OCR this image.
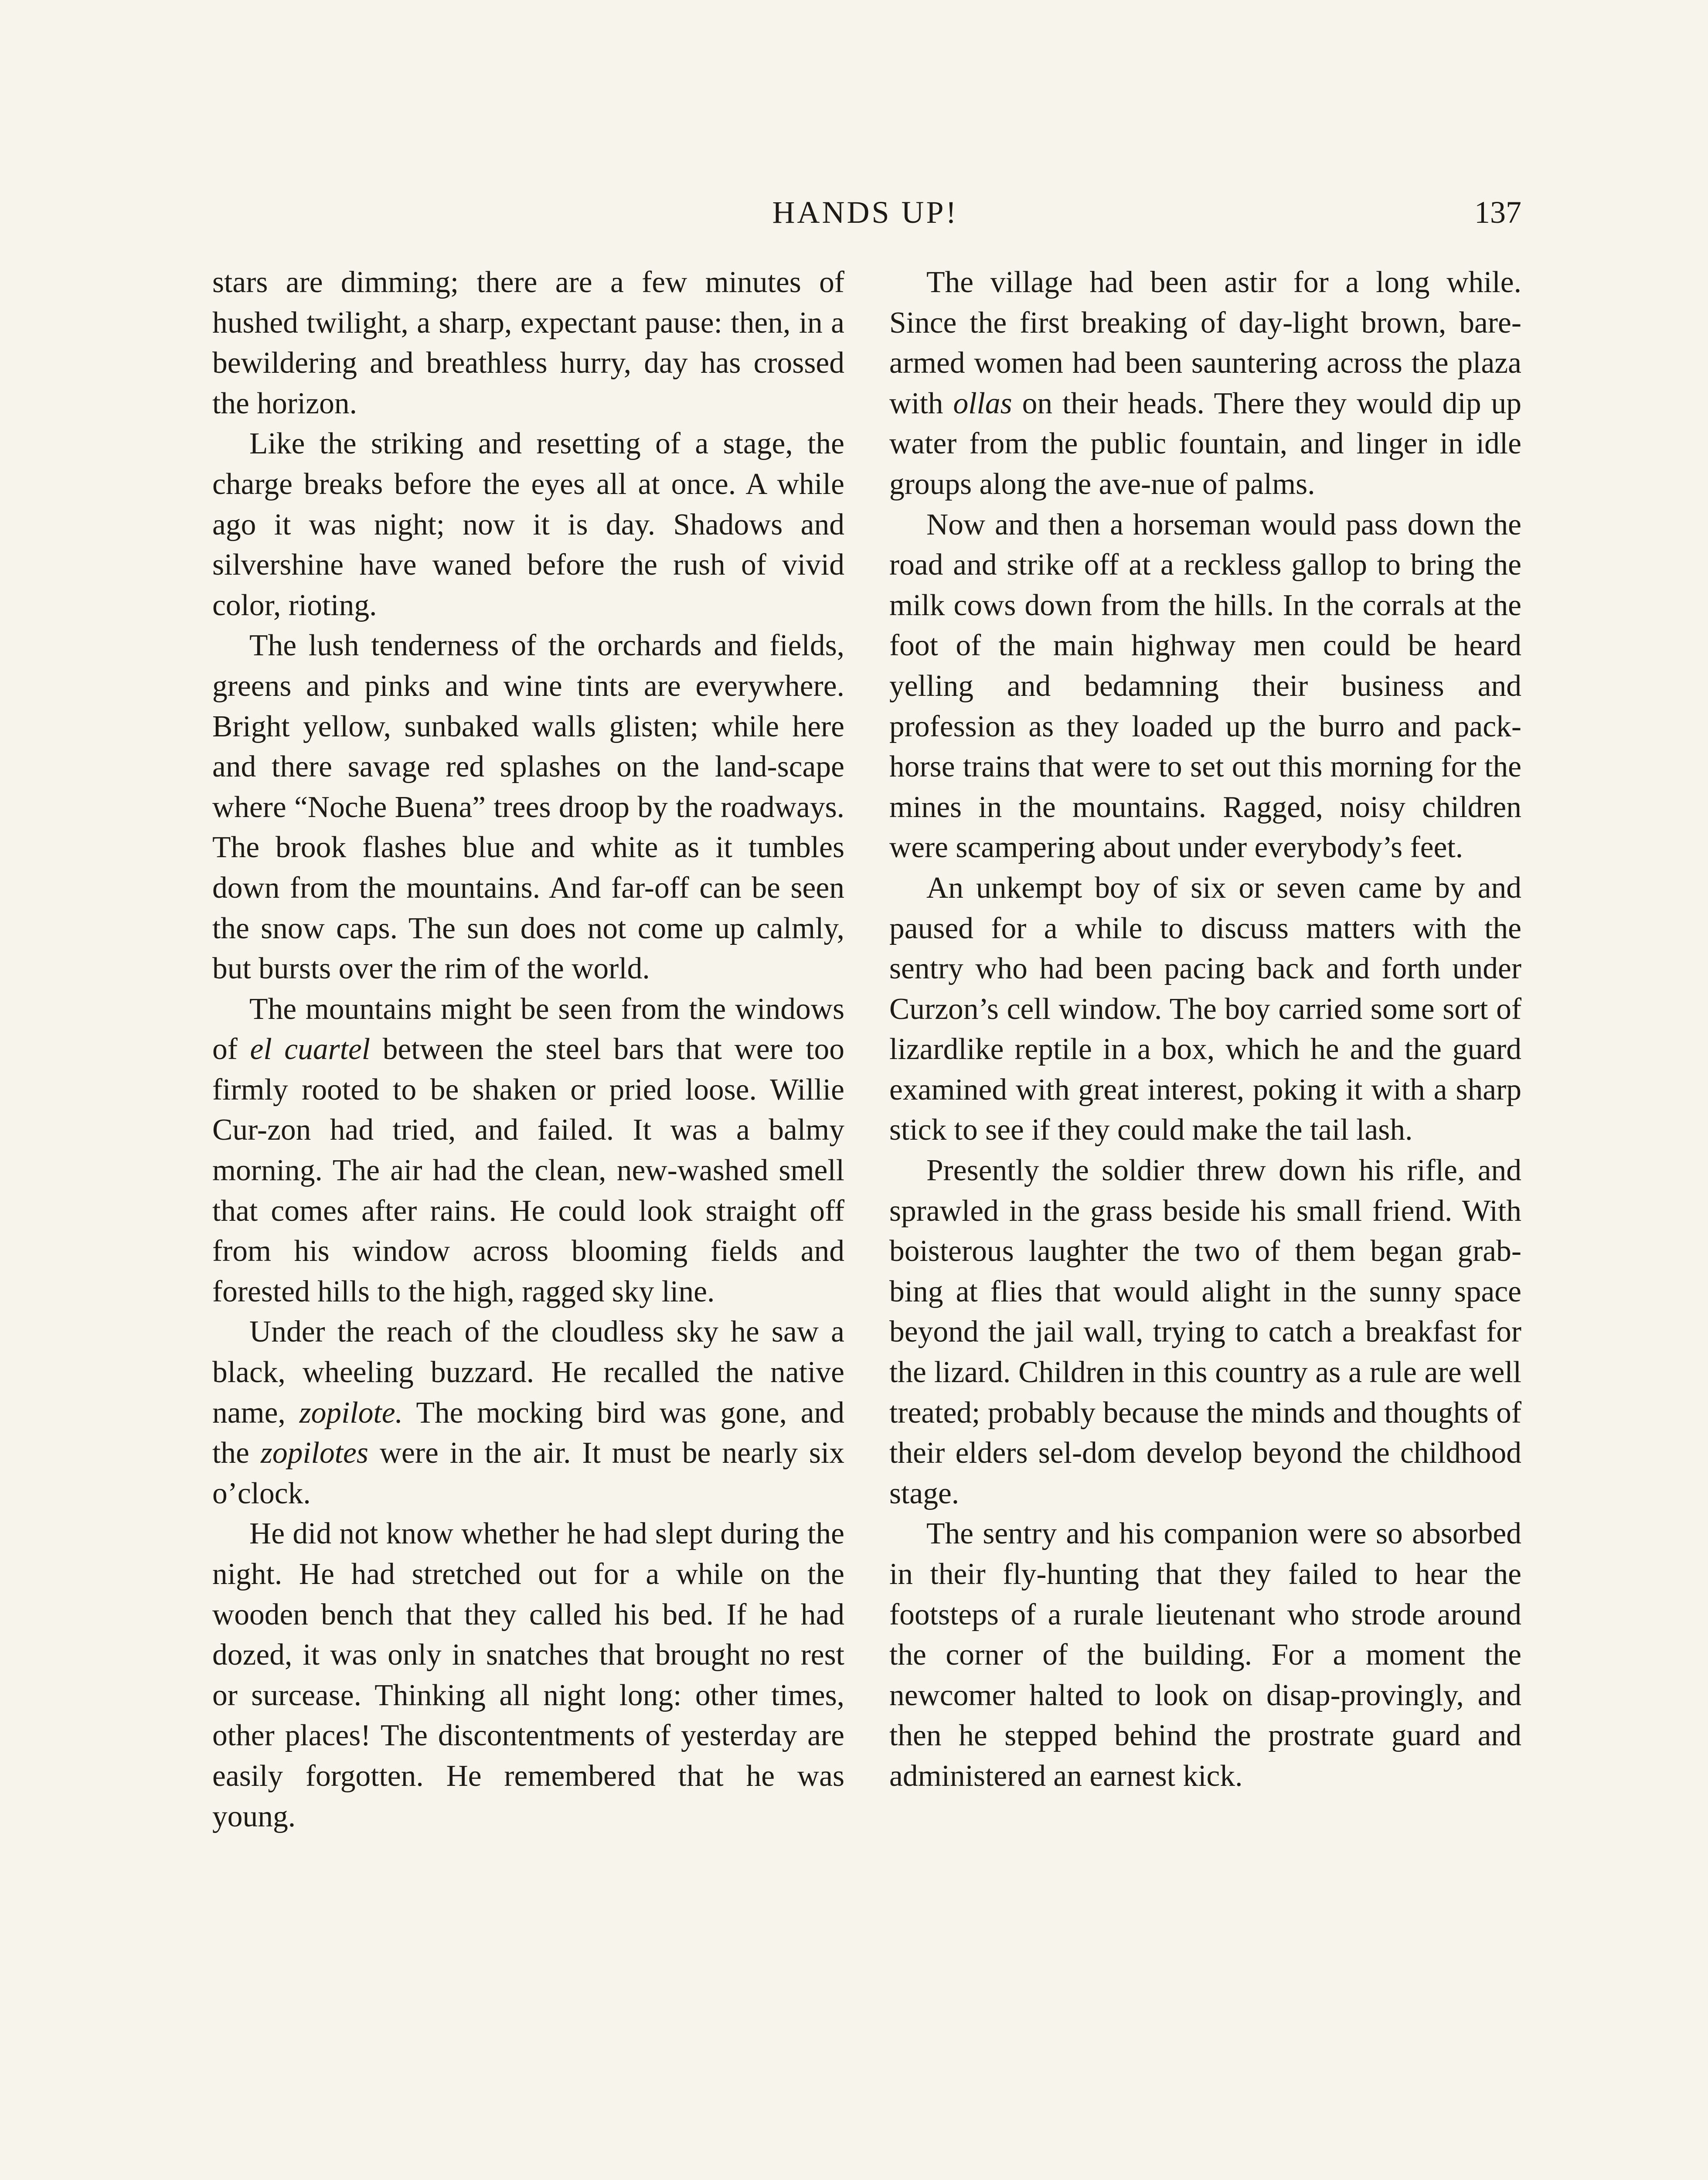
HANDS UP!	137

stars are dimming; there are a few minutes of hushed twilight, a sharp, expectant pause: then, in a bewildering and breathless hurry, day has crossed the horizon.

Like the striking and resetting of a stage, the charge breaks before the eyes all at once. A while ago it was night; now it is day. Shadows and silvershine have waned before the rush of vivid color, rioting.

The lush tenderness of the orchards and fields, greens and pinks and wine tints are everywhere. Bright yellow, sunbaked walls glisten; while here and there savage red splashes on the land-scape where “Noche Buena” trees droop by the roadways. The brook flashes blue and white as it tumbles down from the mountains. And far-off can be seen the snow caps. The sun does not come up calmly, but bursts over the rim of the world.

The mountains might be seen from the windows of el cuartel between the steel bars that were too firmly rooted to be shaken or pried loose. Willie Cur-zon had tried, and failed. It was a balmy morning. The air had the clean, new-washed smell that comes after rains. He could look straight off from his window across blooming fields and forested hills to the high, ragged sky line.

Under the reach of the cloudless sky he saw a black, wheeling buzzard. He recalled the native name, zopilote. The mocking bird was gone, and the zopilotes were in the air. It must be nearly six o’clock.

He did not know whether he had slept during the night. He had stretched out for a while on the wooden bench that they called his bed. If he had dozed, it was only in snatches that brought no rest or surcease. Thinking all night long: other times, other places! The discontentments of yesterday are easily forgotten. He remembered that he was young.

The village had been astir for a long while. Since the first breaking of day-light brown, bare-armed women had been sauntering across the plaza with ollas on their heads. There they would dip up water from the public fountain, and linger in idle groups along the ave-nue of palms.

Now and then a horseman would pass down the road and strike off at a reckless gallop to bring the milk cows down from the hills. In the corrals at the foot of the main highway men could be heard yelling and bedamning their business and profession as they loaded up the burro and pack-horse trains that were to set out this morning for the mines in the mountains. Ragged, noisy children were scampering about under everybody’s feet.

An unkempt boy of six or seven came by and paused for a while to discuss matters with the sentry who had been pacing back and forth under Curzon’s cell window. The boy carried some sort of lizardlike reptile in a box, which he and the guard examined with great interest, poking it with a sharp stick to see if they could make the tail lash.

Presently the soldier threw down his rifle, and sprawled in the grass beside his small friend. With boisterous laughter the two of them began grab-bing at flies that would alight in the sunny space beyond the jail wall, trying to catch a breakfast for the lizard. Children in this country as a rule are well treated; probably because the minds and thoughts of their elders sel-dom develop beyond the childhood stage.

The sentry and his companion were so absorbed in their fly-hunting that they failed to hear the footsteps of a rurale lieutenant who strode around the corner of the building. For a moment the newcomer halted to look on disap-provingly, and then he stepped behind the prostrate guard and administered an earnest kick.
